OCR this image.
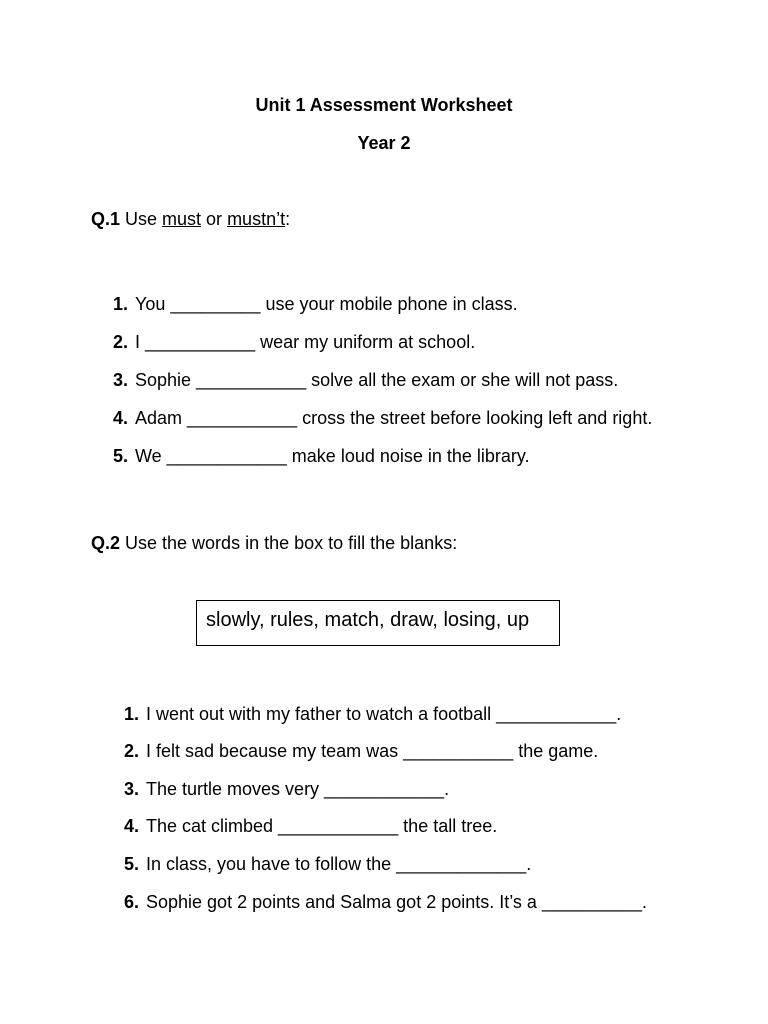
Unit 1 Assessment Worksheet
Year 2
Q.1 Use must or mustn’t:
1. You _________ use your mobile phone in class.
2. I ___________ wear my uniform at school.
3. Sophie ___________ solve all the exam or she will not pass.
4. Adam ___________ cross the street before looking left and right.
5. We ____________ make loud noise in the library.
Q.2 Use the words in the box to fill the blanks:
slowly, rules, match, draw, losing, up
1. I went out with my father to watch a football ____________.
2. I felt sad because my team was ___________ the game.
3. The turtle moves very ____________.
4. The cat climbed ____________ the tall tree.
5. In class, you have to follow the _____________.
6. Sophie got 2 points and Salma got 2 points. It’s a __________.
